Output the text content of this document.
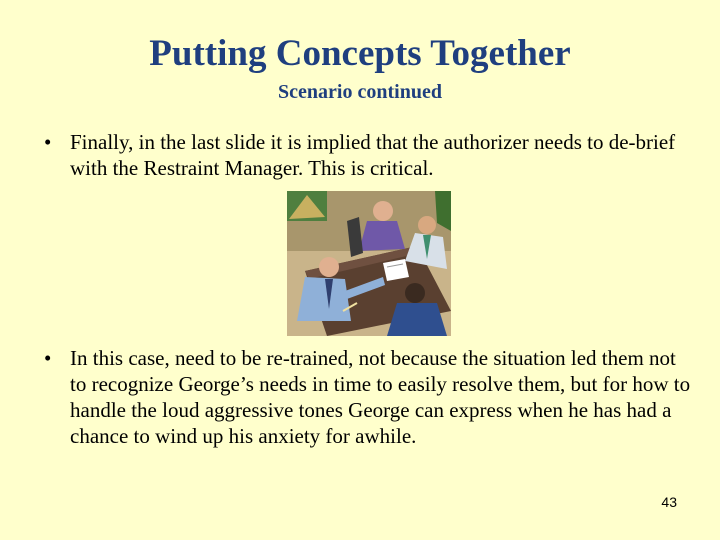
Putting Concepts Together
Scenario continued
• Finally, in the last slide it is implied that the authorizer needs to de-brief with the Restraint Manager. This is critical.
• In this case, need to be re-trained, not because the situation led them not to recognize George’s needs in time to easily resolve them, but for how to handle the loud aggressive tones George can express when he has had a chance to wind up his anxiety for awhile.
43
